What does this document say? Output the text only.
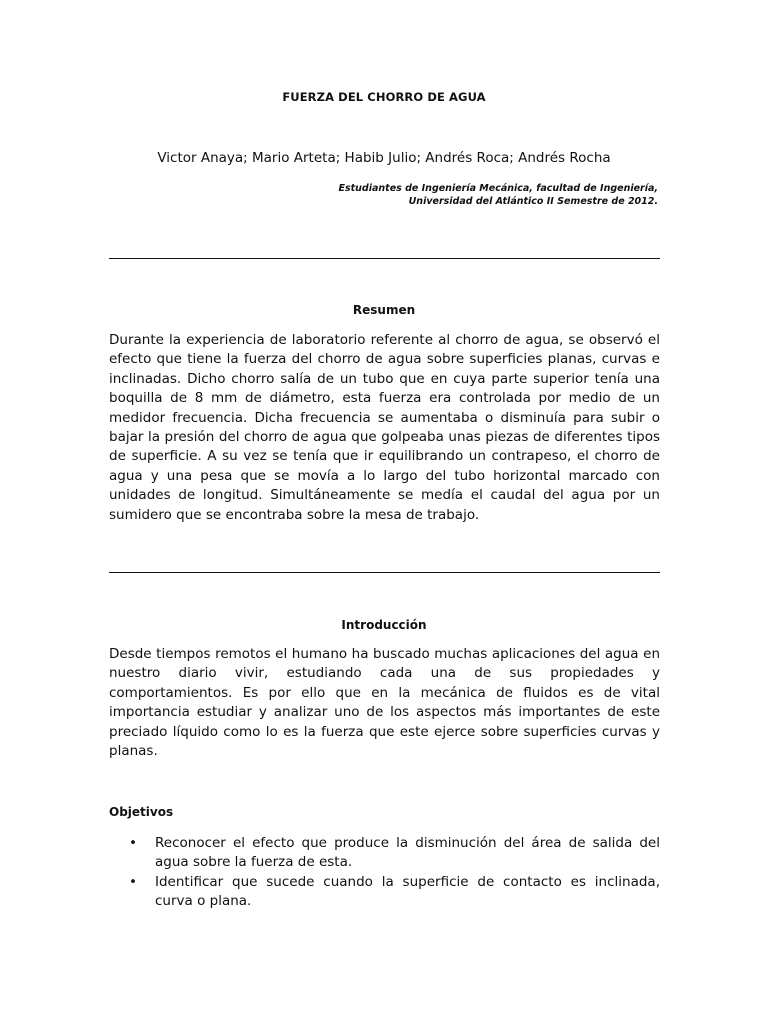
FUERZA DEL CHORRO DE AGUA
Victor Anaya; Mario Arteta; Habib Julio; Andrés Roca; Andrés Rocha
Estudiantes de Ingeniería Mecánica, facultad de Ingeniería,
Universidad del Atlántico II Semestre de 2012.
Resumen
Durante la experiencia de laboratorio referente al chorro de agua, se observó el efecto que tiene la fuerza del chorro de agua sobre superficies planas, curvas e inclinadas. Dicho chorro salía de un tubo que en cuya parte superior tenía una boquilla de 8 mm de diámetro, esta fuerza era controlada por medio de un medidor frecuencia. Dicha frecuencia se aumentaba o disminuía para subir o bajar la presión del chorro de agua que golpeaba unas piezas de diferentes tipos de superficie. A su vez se tenía que ir equilibrando un contrapeso, el chorro de agua y una pesa que se movía a lo largo del tubo horizontal marcado con unidades de longitud. Simultáneamente se medía el caudal del agua por un sumidero que se encontraba sobre la mesa de trabajo.
Introducción
Desde tiempos remotos el humano ha buscado muchas aplicaciones del agua en nuestro diario vivir, estudiando cada una de sus propiedades y comportamientos. Es por ello que en la mecánica de fluidos es de vital importancia estudiar y analizar uno de los aspectos más importantes de este preciado líquido como lo es la fuerza que este ejerce sobre superficies curvas y planas.
Objetivos
• Reconocer el efecto que produce la disminución del área de salida del agua sobre la fuerza de esta.
• Identificar que sucede cuando la superficie de contacto es inclinada, curva o plana.
